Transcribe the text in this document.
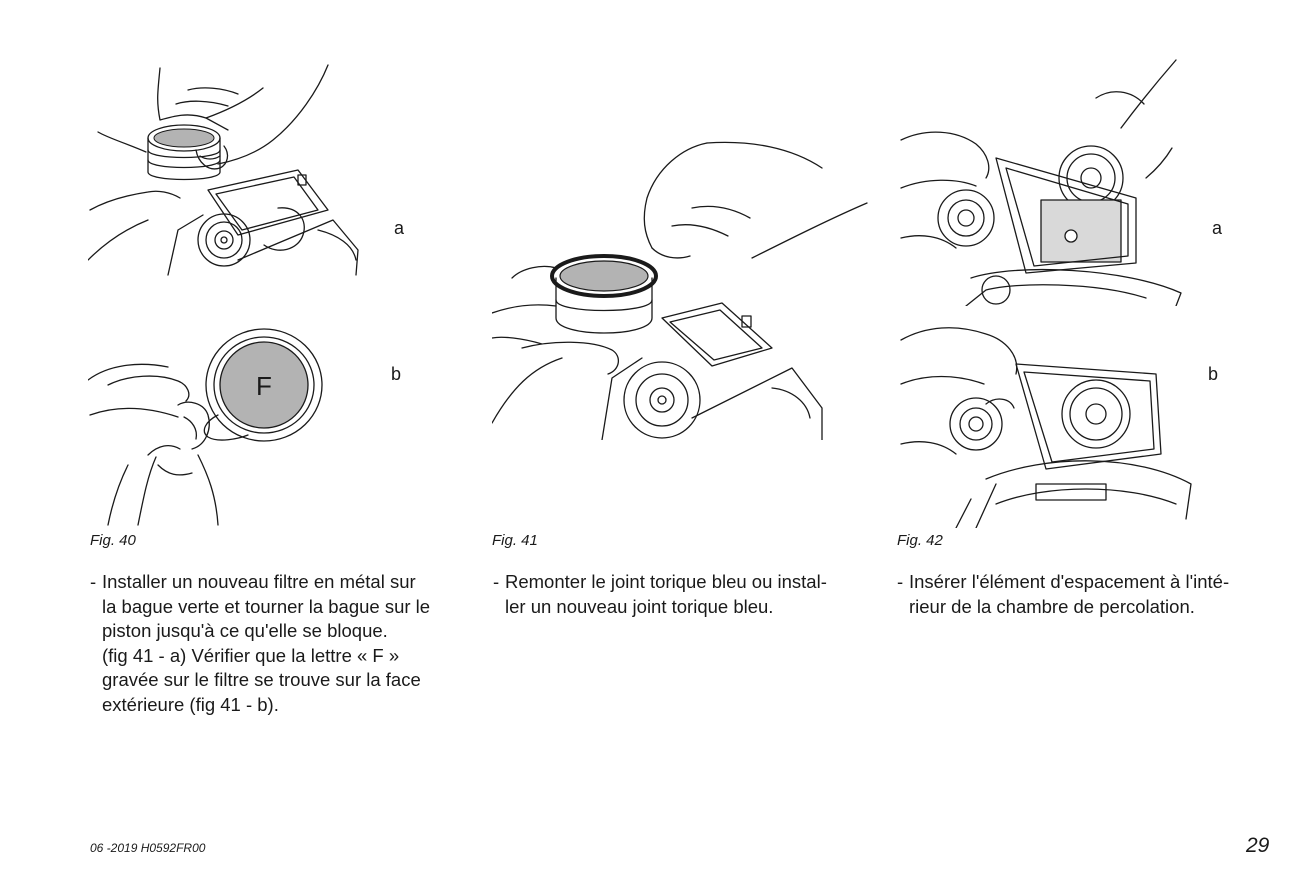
a
F	b
Fig. 40	Fig. 41
a
b
Fig. 42
- Installer un nouveau filtre en métal sur
la bague verte et tourner la bague sur le
piston jusqu'à ce qu'elle se bloque.
(fig 41 - a) Vérifier que la lettre « F »
gravée sur le filtre se trouve sur la face
extérieure (fig 41 - b).
- Remonter le joint torique bleu ou instal-
ler un nouveau joint torique bleu.
- Insérer l'élément d'espacement à l'inté-
rieur de la chambre de percolation.
06 -2019 H0592FR00	29
